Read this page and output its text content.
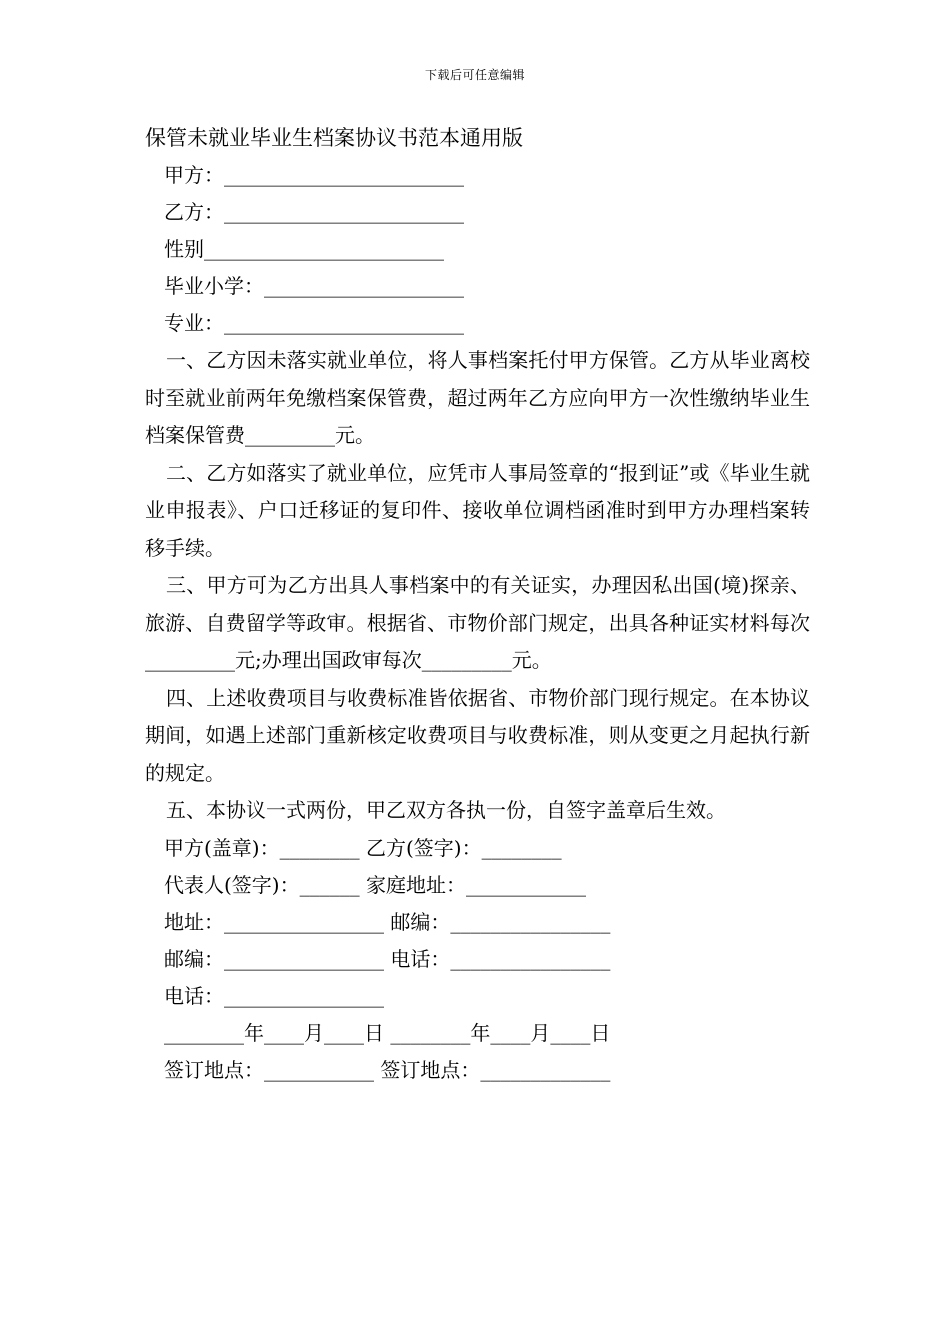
下载后可任意编辑
保管未就业毕业生档案协议书范本通用版
甲方：________________________
乙方：________________________
性别________________________
毕业小学：____________________
专业：________________________

一、乙方因未落实就业单位，将人事档案托付甲方保管。乙方从毕业离校时至就业前两年免缴档案保管费，超过两年乙方应向甲方一次性缴纳毕业生档案保管费_________元。

二、乙方如落实了就业单位，应凭市人事局签章的“报到证”或《毕业生就业申报表》、户口迁移证的复印件、接收单位调档函准时到甲方办理档案转移手续。

三、甲方可为乙方出具人事档案中的有关证实，办理因私出国(境)探亲、旅游、自费留学等政审。根据省、市物价部门规定，出具各种证实材料每次_________元;办理出国政审每次_________元。

四、上述收费项目与收费标准皆依据省、市物价部门现行规定。在本协议期间，如遇上述部门重新核定收费项目与收费标准，则从变更之月起执行新的规定。

五、本协议一式两份，甲乙双方各执一份，自签字盖章后生效。

甲方(盖章)：________ 乙方(签字)：________
代表人(签字)：______ 家庭地址：____________
地址：________________ 邮编：________________
邮编：________________ 电话：________________
电话：________________
________年____月____日 ________年____月____日
签订地点：___________ 签订地点：_____________
